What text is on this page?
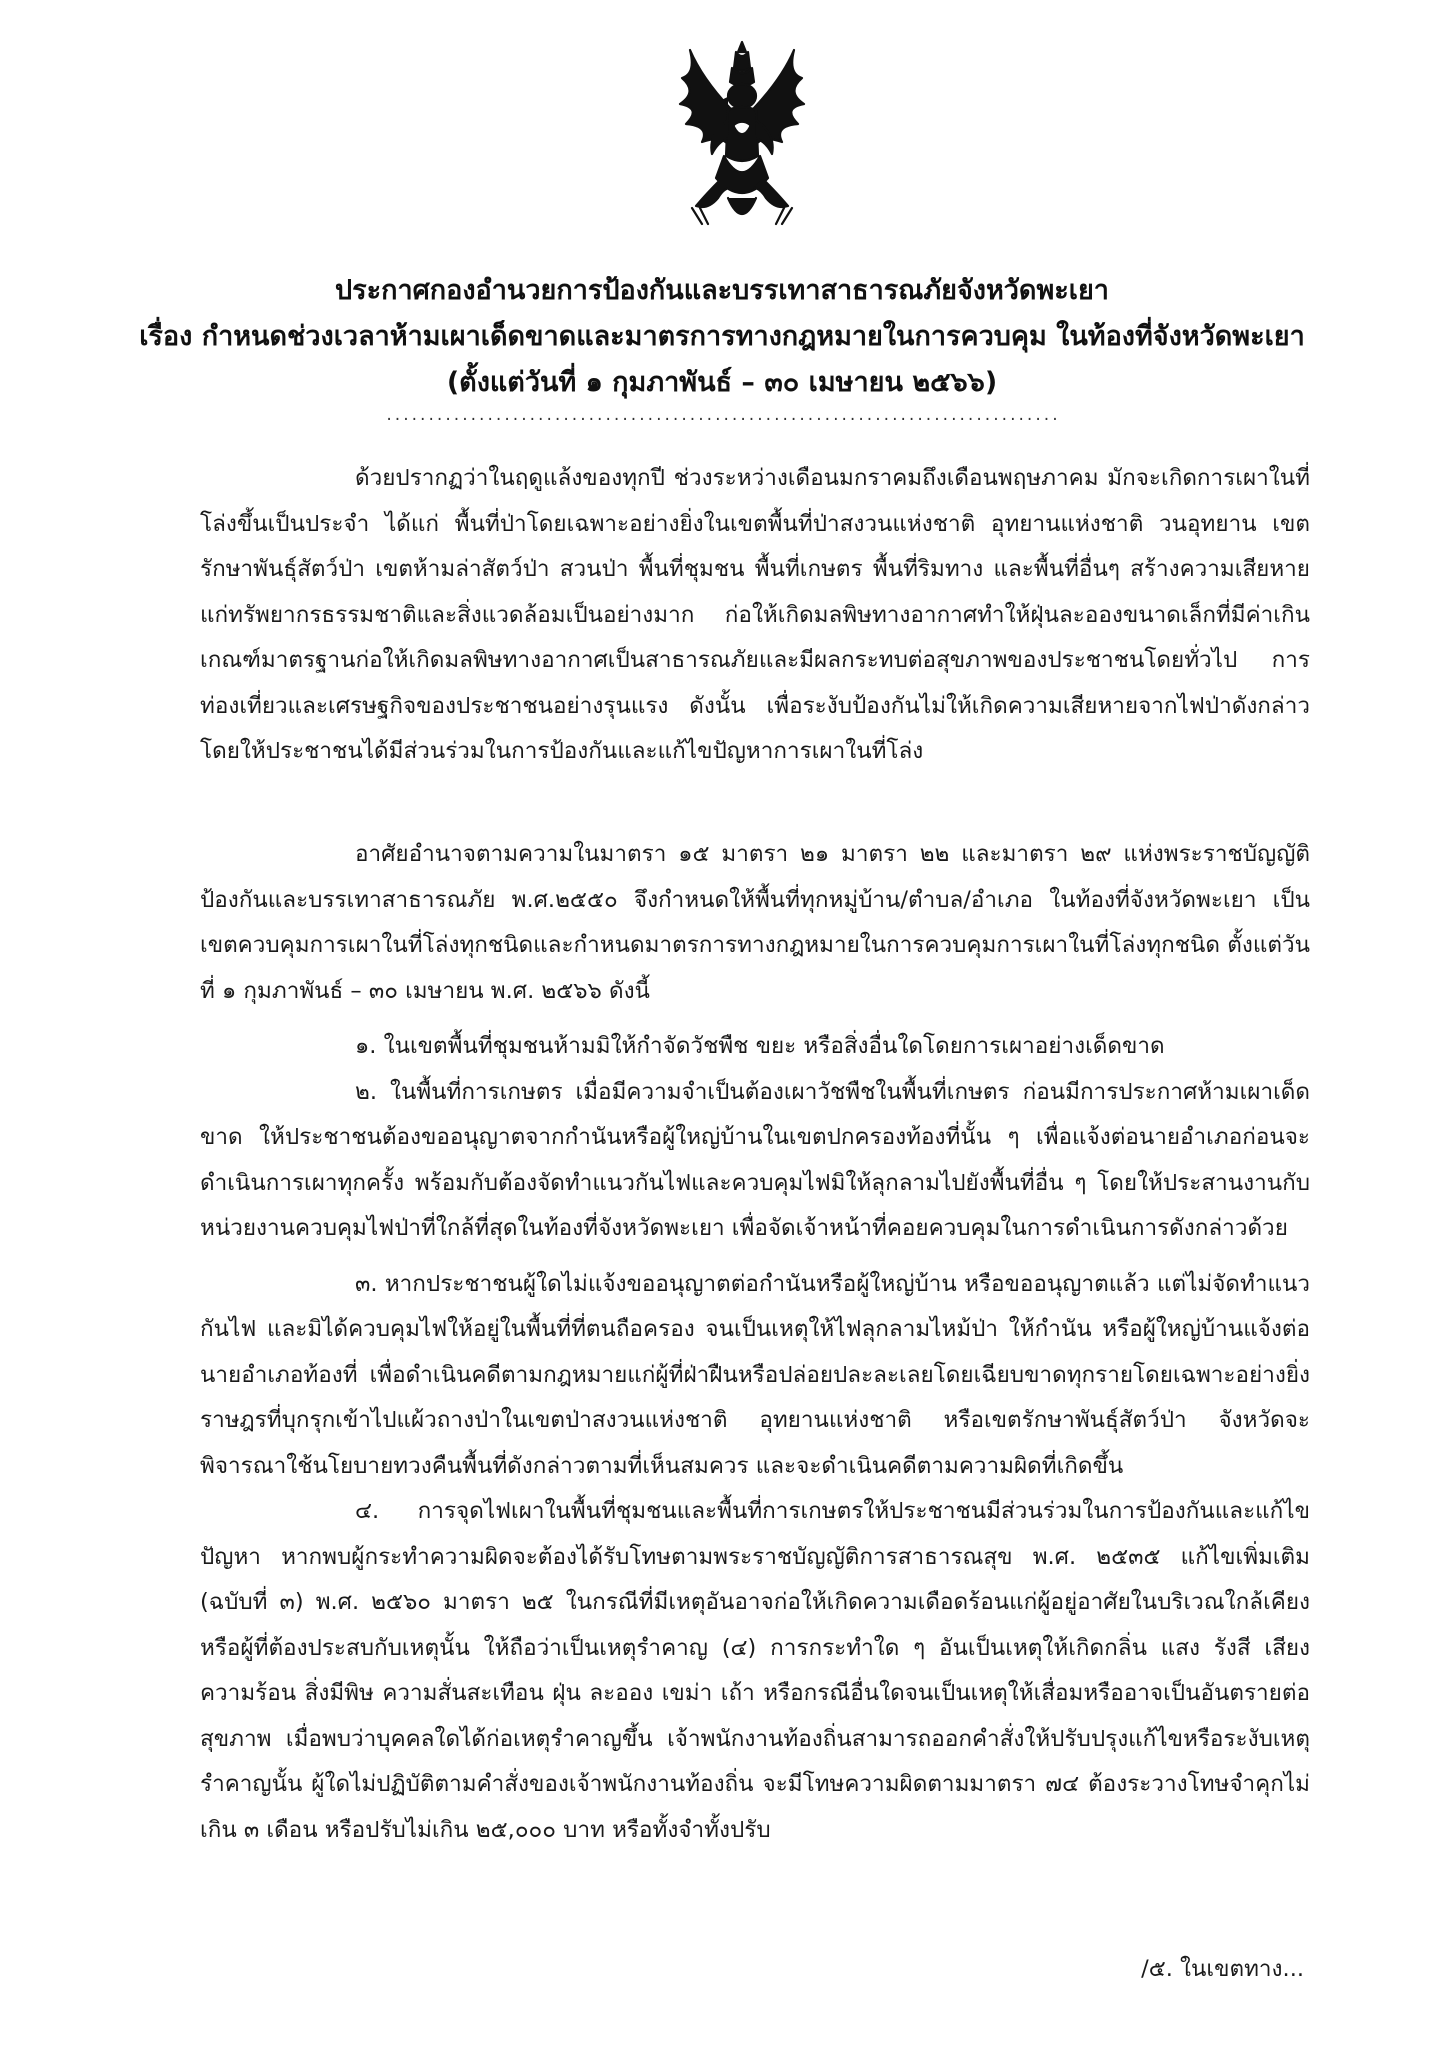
ประกาศกองอำนวยการป้องกันและบรรเทาสาธารณภัยจังหวัดพะเยา
เรื่อง กำหนดช่วงเวลาห้ามเผาเด็ดขาดและมาตรการทางกฎหมายในการควบคุม ในท้องที่จังหวัดพะเยา
(ตั้งแต่วันที่ ๑ กุมภาพันธ์ – ๓๐ เมษายน ๒๕๖๖)
................................................................................

ด้วยปรากฏว่าในฤดูแล้งของทุกปี ช่วงระหว่างเดือนมกราคมถึงเดือนพฤษภาคม มักจะเกิดการเผาในที่โล่งขึ้นเป็นประจำ ได้แก่ พื้นที่ป่าโดยเฉพาะอย่างยิ่งในเขตพื้นที่ป่าสงวนแห่งชาติ อุทยานแห่งชาติ วนอุทยาน เขตรักษาพันธุ์สัตว์ป่า เขตห้ามล่าสัตว์ป่า สวนป่า พื้นที่ชุมชน พื้นที่เกษตร พื้นที่ริมทาง และพื้นที่อื่นๆ สร้างความเสียหายแก่ทรัพยากรธรรมชาติและสิ่งแวดล้อมเป็นอย่างมาก ก่อให้เกิดมลพิษทางอากาศทำให้ฝุ่นละอองขนาดเล็กที่มีค่าเกินเกณฑ์มาตรฐานก่อให้เกิดมลพิษทางอากาศเป็นสาธารณภัยและมีผลกระทบต่อสุขภาพของประชาชนโดยทั่วไป การท่องเที่ยวและเศรษฐกิจของประชาชนอย่างรุนแรง ดังนั้น เพื่อระงับป้องกันไม่ให้เกิดความเสียหายจากไฟป่าดังกล่าว โดยให้ประชาชนได้มีส่วนร่วมในการป้องกันและแก้ไขปัญหาการเผาในที่โล่ง

อาศัยอำนาจตามความในมาตรา ๑๕ มาตรา ๒๑ มาตรา ๒๒ และมาตรา ๒๙ แห่งพระราชบัญญัติป้องกันและบรรเทาสาธารณภัย พ.ศ.๒๕๕๐ จึงกำหนดให้พื้นที่ทุกหมู่บ้าน/ตำบล/อำเภอ ในท้องที่จังหวัดพะเยา เป็นเขตควบคุมการเผาในที่โล่งทุกชนิดและกำหนดมาตรการทางกฎหมายในการควบคุมการเผาในที่โล่งทุกชนิด ตั้งแต่วันที่ ๑ กุมภาพันธ์ – ๓๐ เมษายน พ.ศ. ๒๕๖๖ ดังนี้

๑. ในเขตพื้นที่ชุมชนห้ามมิให้กำจัดวัชพืช ขยะ หรือสิ่งอื่นใดโดยการเผาอย่างเด็ดขาด

๒. ในพื้นที่การเกษตร เมื่อมีความจำเป็นต้องเผาวัชพืชในพื้นที่เกษตร ก่อนมีการประกาศห้ามเผาเด็ดขาด ให้ประชาชนต้องขออนุญาตจากกำนันหรือผู้ใหญ่บ้านในเขตปกครองท้องที่นั้น ๆ เพื่อแจ้งต่อนายอำเภอก่อนจะดำเนินการเผาทุกครั้ง พร้อมกับต้องจัดทำแนวกันไฟและควบคุมไฟมิให้ลุกลามไปยังพื้นที่อื่น ๆ โดยให้ประสานงานกับหน่วยงานควบคุมไฟป่าที่ใกล้ที่สุดในท้องที่จังหวัดพะเยา เพื่อจัดเจ้าหน้าที่คอยควบคุมในการดำเนินการดังกล่าวด้วย

๓. หากประชาชนผู้ใดไม่แจ้งขออนุญาตต่อกำนันหรือผู้ใหญ่บ้าน หรือขออนุญาตแล้ว แต่ไม่จัดทำแนวกันไฟ และมิได้ควบคุมไฟให้อยู่ในพื้นที่ที่ตนถือครอง จนเป็นเหตุให้ไฟลุกลามไหม้ป่า ให้กำนัน หรือผู้ใหญ่บ้านแจ้งต่อนายอำเภอท้องที่ เพื่อดำเนินคดีตามกฎหมายแก่ผู้ที่ฝ่าฝืนหรือปล่อยปละละเลยโดยเฉียบขาดทุกรายโดยเฉพาะอย่างยิ่งราษฎรที่บุกรุกเข้าไปแผ้วถางป่าในเขตป่าสงวนแห่งชาติ อุทยานแห่งชาติ หรือเขตรักษาพันธุ์สัตว์ป่า จังหวัดจะพิจารณาใช้นโยบายทวงคืนพื้นที่ดังกล่าวตามที่เห็นสมควร และจะดำเนินคดีตามความผิดที่เกิดขึ้น

๔. การจุดไฟเผาในพื้นที่ชุมชนและพื้นที่การเกษตรให้ประชาชนมีส่วนร่วมในการป้องกันและแก้ไขปัญหา หากพบผู้กระทำความผิดจะต้องได้รับโทษตามพระราชบัญญัติการสาธารณสุข พ.ศ. ๒๕๓๕ แก้ไขเพิ่มเติม (ฉบับที่ ๓) พ.ศ. ๒๕๖๐ มาตรา ๒๕ ในกรณีที่มีเหตุอันอาจก่อให้เกิดความเดือดร้อนแก่ผู้อยู่อาศัยในบริเวณใกล้เคียงหรือผู้ที่ต้องประสบกับเหตุนั้น ให้ถือว่าเป็นเหตุรำคาญ (๔) การกระทำใด ๆ อันเป็นเหตุให้เกิดกลิ่น แสง รังสี เสียง ความร้อน สิ่งมีพิษ ความสั่นสะเทือน ฝุ่น ละออง เขม่า เถ้า หรือกรณีอื่นใดจนเป็นเหตุให้เสื่อมหรืออาจเป็นอันตรายต่อสุขภาพ เมื่อพบว่าบุคคลใดได้ก่อเหตุรำคาญขึ้น เจ้าพนักงานท้องถิ่นสามารถออกคำสั่งให้ปรับปรุงแก้ไขหรือระงับเหตุรำคาญนั้น ผู้ใดไม่ปฏิบัติตามคำสั่งของเจ้าพนักงานท้องถิ่น จะมีโทษความผิดตามมาตรา ๗๔ ต้องระวางโทษจำคุกไม่เกิน ๓ เดือน หรือปรับไม่เกิน ๒๕,๐๐๐ บาท หรือทั้งจำทั้งปรับ

/๕. ในเขตทาง...
